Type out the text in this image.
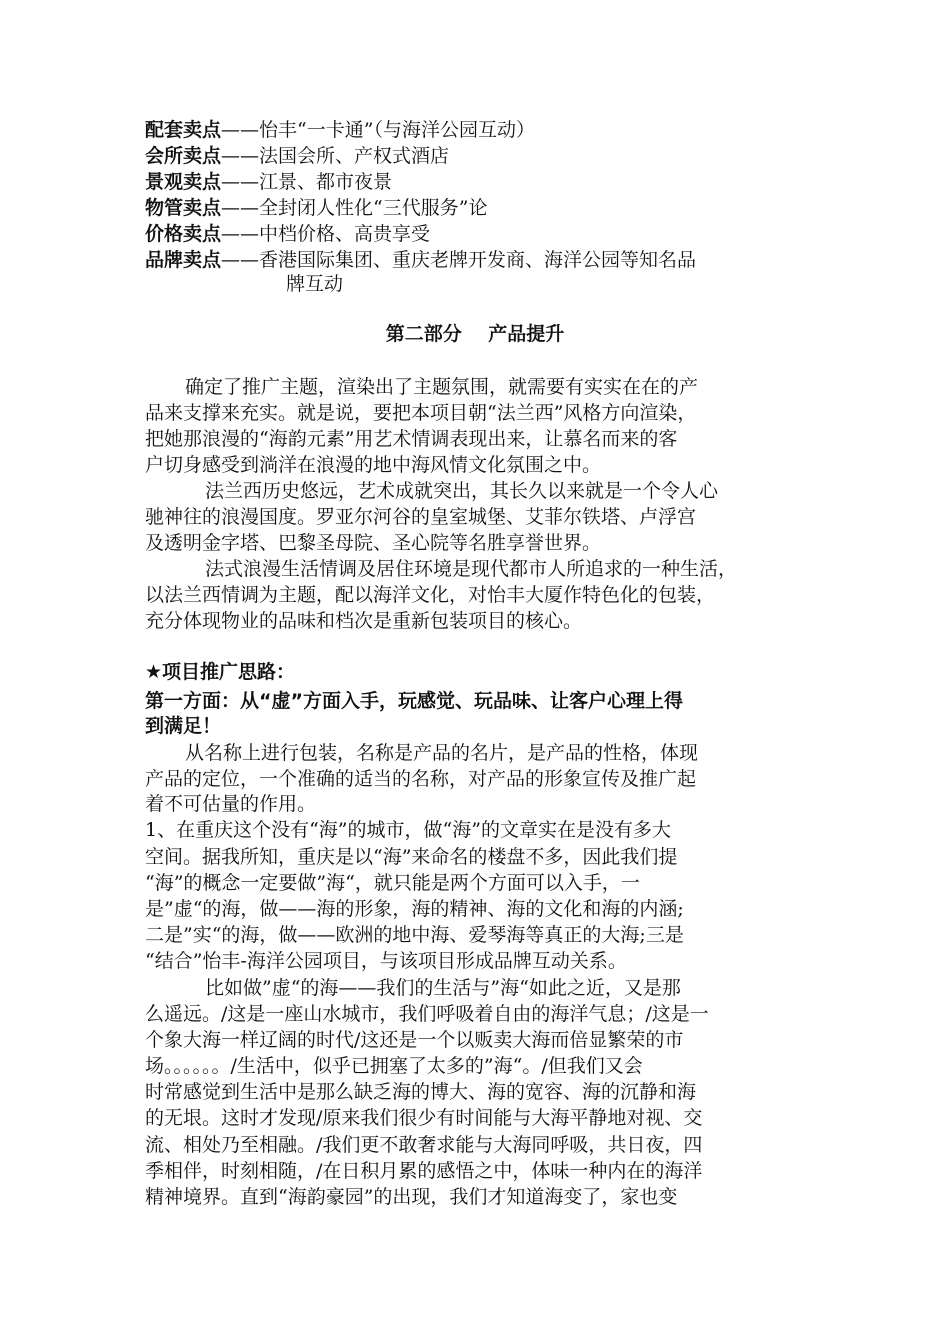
配套卖点——怡丰“一卡通”（与海洋公园互动）
会所卖点——法国会所、产权式酒店
景观卖点——江景、都市夜景
物管卖点——全封闭人性化“三代服务”论
价格卖点——中档价格、高贵享受
品牌卖点——香港国际集团、重庆老牌开发商、海洋公园等知名品
牌互动
第二部分    产品提升
确定了推广主题，渲染出了主题氛围，就需要有实实在在的产
品来支撑来充实。就是说，要把本项目朝“法兰西”风格方向渲染，
把她那浪漫的“海韵元素”用艺术情调表现出来，让慕名而来的客
户切身感受到淌洋在浪漫的地中海风情文化氛围之中。
法兰西历史悠远，艺术成就突出，其长久以来就是一个令人心
驰神往的浪漫国度。罗亚尔河谷的皇室城堡、艾菲尔铁塔、卢浮宫
及透明金字塔、巴黎圣母院、圣心院等名胜享誉世界。
法式浪漫生活情调及居住环境是现代都市人所追求的一种生活，
以法兰西情调为主题，配以海洋文化，对怡丰大厦作特色化的包装，
充分体现物业的品味和档次是重新包装项目的核心。
★项目推广思路：
第一方面：从“虚”方面入手，玩感觉、玩品味、让客户心理上得
到满足！
从名称上进行包装，名称是产品的名片，是产品的性格，体现
产品的定位，一个准确的适当的名称，对产品的形象宣传及推广起
着不可估量的作用。
1、在重庆这个没有“海”的城市，做“海”的文章实在是没有多大
空间。据我所知，重庆是以“海”来命名的楼盘不多，因此我们提
“海”的概念一定要做”海“，就只能是两个方面可以入手，一
是”虚“的海，做——海的形象，海的精神、海的文化和海的内涵;
二是”实“的海，做——欧洲的地中海、爱琴海等真正的大海;三是
“结合”怡丰-海洋公园项目，与该项目形成品牌互动关系。
比如做”虚“的海——我们的生活与”海“如此之近，又是那
么遥远。/这是一座山水城市，我们呼吸着自由的海洋气息；/这是一
个象大海一样辽阔的时代/这还是一个以贩卖大海而倍显繁荣的市
场。。。。。。/生活中，似乎已拥塞了太多的”海“。/但我们又会
时常感觉到生活中是那么缺乏海的博大、海的宽容、海的沉静和海
的无垠。这时才发现/原来我们很少有时间能与大海平静地对视、交
流、相处乃至相融。/我们更不敢奢求能与大海同呼吸，共日夜，四
季相伴，时刻相随，/在日积月累的感悟之中，体味一种内在的海洋
精神境界。直到“海韵豪园”的出现，我们才知道海变了，家也变
